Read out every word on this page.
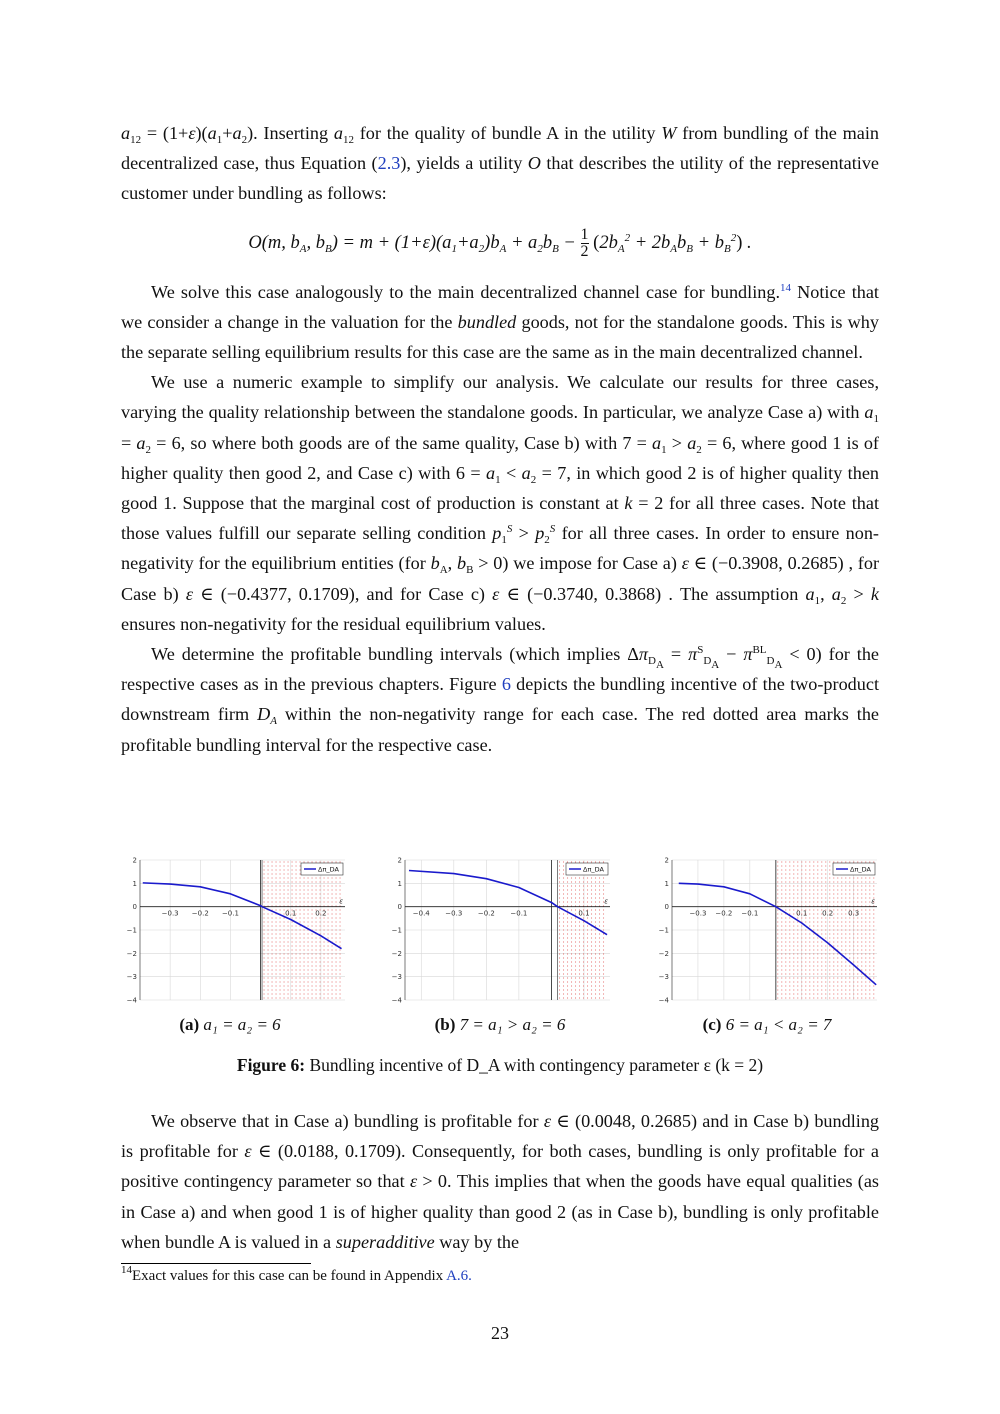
$a_{12} = (1+\varepsilon)(a_1+a_2)$. Inserting $a_{12}$ for the quality of bundle A in the utility W from bundling of the main decentralized case, thus Equation (2.3), yields a utility O that describes the utility of the representative customer under bundling as follows:

O(m, $b_A$, $b_B) = m + (1+\varepsilon)(a_1+a_2)b_A + a_2b_B - 1$

2 $(2b_A^2 + 2b_Ab_B + b_B^2)$ .

We solve this case analogously to the main decentralized channel case for bundling.$^{14}$ Notice that we consider a change in the valuation for the bundled goods, not for the standalone goods. This is why the separate selling equilibrium results for this case are the same as in the main decentralized channel.

We use a numeric example to simplify our analysis. We calculate our results for three cases, varying the quality relationship between the standalone goods. In particular, we analyze Case a) with $a_1 = a_2 = 6$, so where both goods are of the same quality, Case b) with $7 = a_1 > a_2 = 6$, where good 1 is of higher quality then good 2, and Case c) with $6 = a_1 < a_2 = 7$, in which good 2 is of higher quality then good 1. Suppose that the marginal cost of production is constant at k = 2 for all three cases. Note that those values fulfill our separate selling condition $p_1^S > p_2^S$ for all three cases. In order to ensure non-negativity for the equilibrium entities (for $b_A$, $b_B > 0$) we impose for Case a) ε ∈ (−0.3908, 0.2685) , for Case b) ε ∈ (−0.4377, 0.1709), and for Case c) ε ∈ (−0.3740, 0.3868) . The assumption $a_1$, $a_2 > k$ ensures non-negativity for the residual equilibrium values.

We determine the profitable bundling intervals (which implies $\Delta\pi_{D_A} = \pi^S_{D_A} - \pi^{BL}_{D_A} < 0$) for the respective cases as in the previous chapters. Figure 6 depicts the bundling incentive of the two-product downstream firm $D_A$ within the non-negativity range for each case. The red dotted area marks the profitable bundling interval for the respective case.

−0.3 −0.2 −0.1	0.1	0.2
−4
−3
−2
−1
0
1
2
ε
Δπ_DA
(a) a₁ = a₂ = 6
−0.4 −0.3 −0.2 −0.1	0.1
−4
−3
−2
−1
0
1
2
ε
Δπ_DA
(b) 7 = a₁ > a₂ = 6
−0.3 −0.2 −0.1	0.1 0.2 0.3
−4
−3
−2
−1
0
1
2
ε
Δπ_DA
(c) 6 = a₁ < a₂ = 7
Figure 6: Bundling incentive of D_A with contingency parameter ε (k = 2)

We observe that in Case a) bundling is profitable for ε ∈ (0.0048, 0.2685) and in Case b) bundling is profitable for ε ∈ (0.0188, 0.1709). Consequently, for both cases, bundling is only profitable for a positive contingency parameter so that ε > 0. This implies that when the goods have equal qualities (as in Case a) and when good 1 is of higher quality than good 2 (as in Case b), bundling is only profitable when bundle A is valued in a superadditive way by the

$^{14}$Exact values for this case can be found in Appendix A.6.
23
